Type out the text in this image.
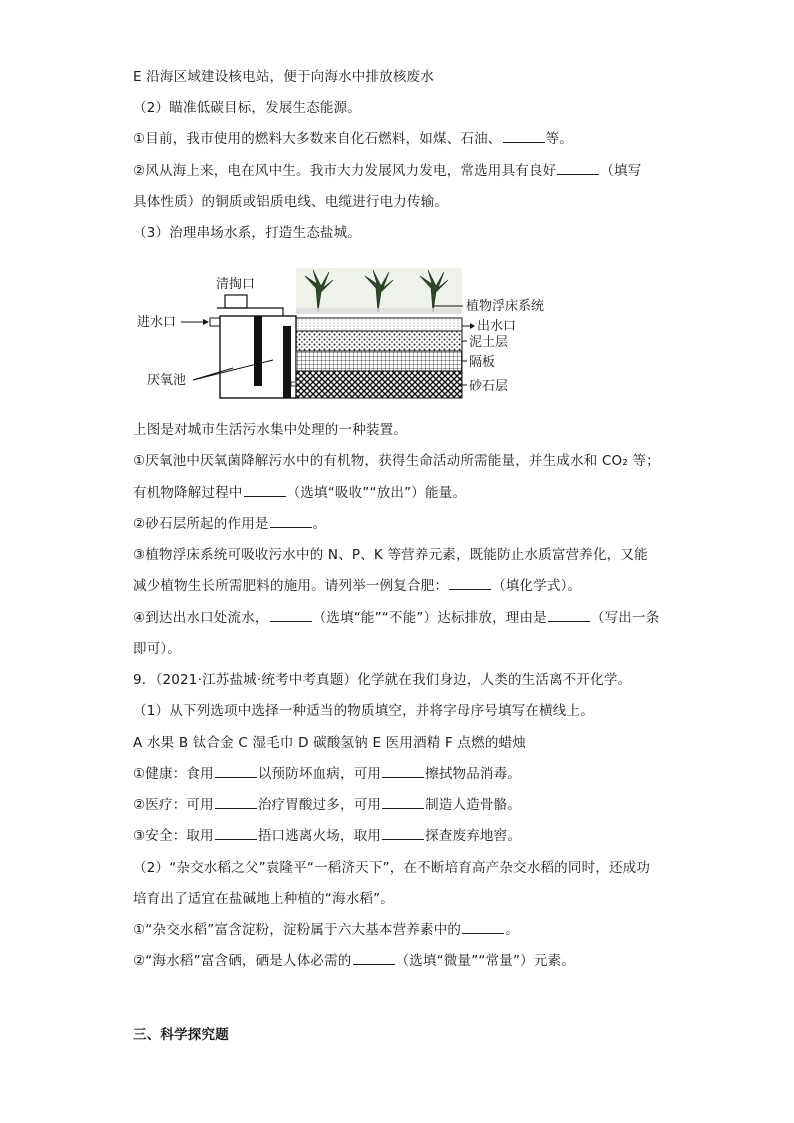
E 沿海区域建设核电站，便于向海水中排放核废水
（2）瞄准低碳目标，发展生态能源。
①目前，我市使用的燃料大多数来自化石燃料，如煤、石油、	等。
②风从海上来，电在风中生。我市大力发展风力发电，常选用具有良好	（填写
具体性质）的铜质或铝质电线、电缆进行电力传输。
（3）治理串场水系，打造生态盐城。
清掏口
进水口
厌氧池
植物浮床系统
出水口
泥土层
隔板
砂石层
上图是对城市生活污水集中处理的一种装置。
①厌氧池中厌氧菌降解污水中的有机物，获得生命活动所需能量，并生成水和 CO₂ 等；
有机物降解过程中	（选填“吸收”“放出”）能量。
②砂石层所起的作用是	。
③植物浮床系统可吸收污水中的 N、P、K 等营养元素，既能防止水质富营养化，又能
减少植物生长所需肥料的施用。请列举一例复合肥：	（填化学式）。
④到达出水口处流水，	（选填“能”“不能”）达标排放，理由是	（写出一条
即可）。
9．（2021·江苏盐城·统考中考真题）化学就在我们身边，人类的生活离不开化学。
（1）从下列选项中选择一种适当的物质填空，并将字母序号填写在横线上。
A 水果 B 钛合金 C 湿毛巾 D 碳酸氢钠 E 医用酒精 F 点燃的蜡烛
①健康：食用	以预防坏血病，可用	擦拭物品消毒。
②医疗：可用	治疗胃酸过多，可用	制造人造骨骼。
③安全：取用	捂口逃离火场，取用	探查废弃地窖。
（2）“杂交水稻之父”袁隆平“一稻济天下”，在不断培育高产杂交水稻的同时，还成功
培育出了适宜在盐碱地上种植的“海水稻”。
①“杂交水稻”富含淀粉，淀粉属于六大基本营养素中的	。
②“海水稻”富含硒，硒是人体必需的	（选填“微量”“常量”）元素。
三、科学探究题
